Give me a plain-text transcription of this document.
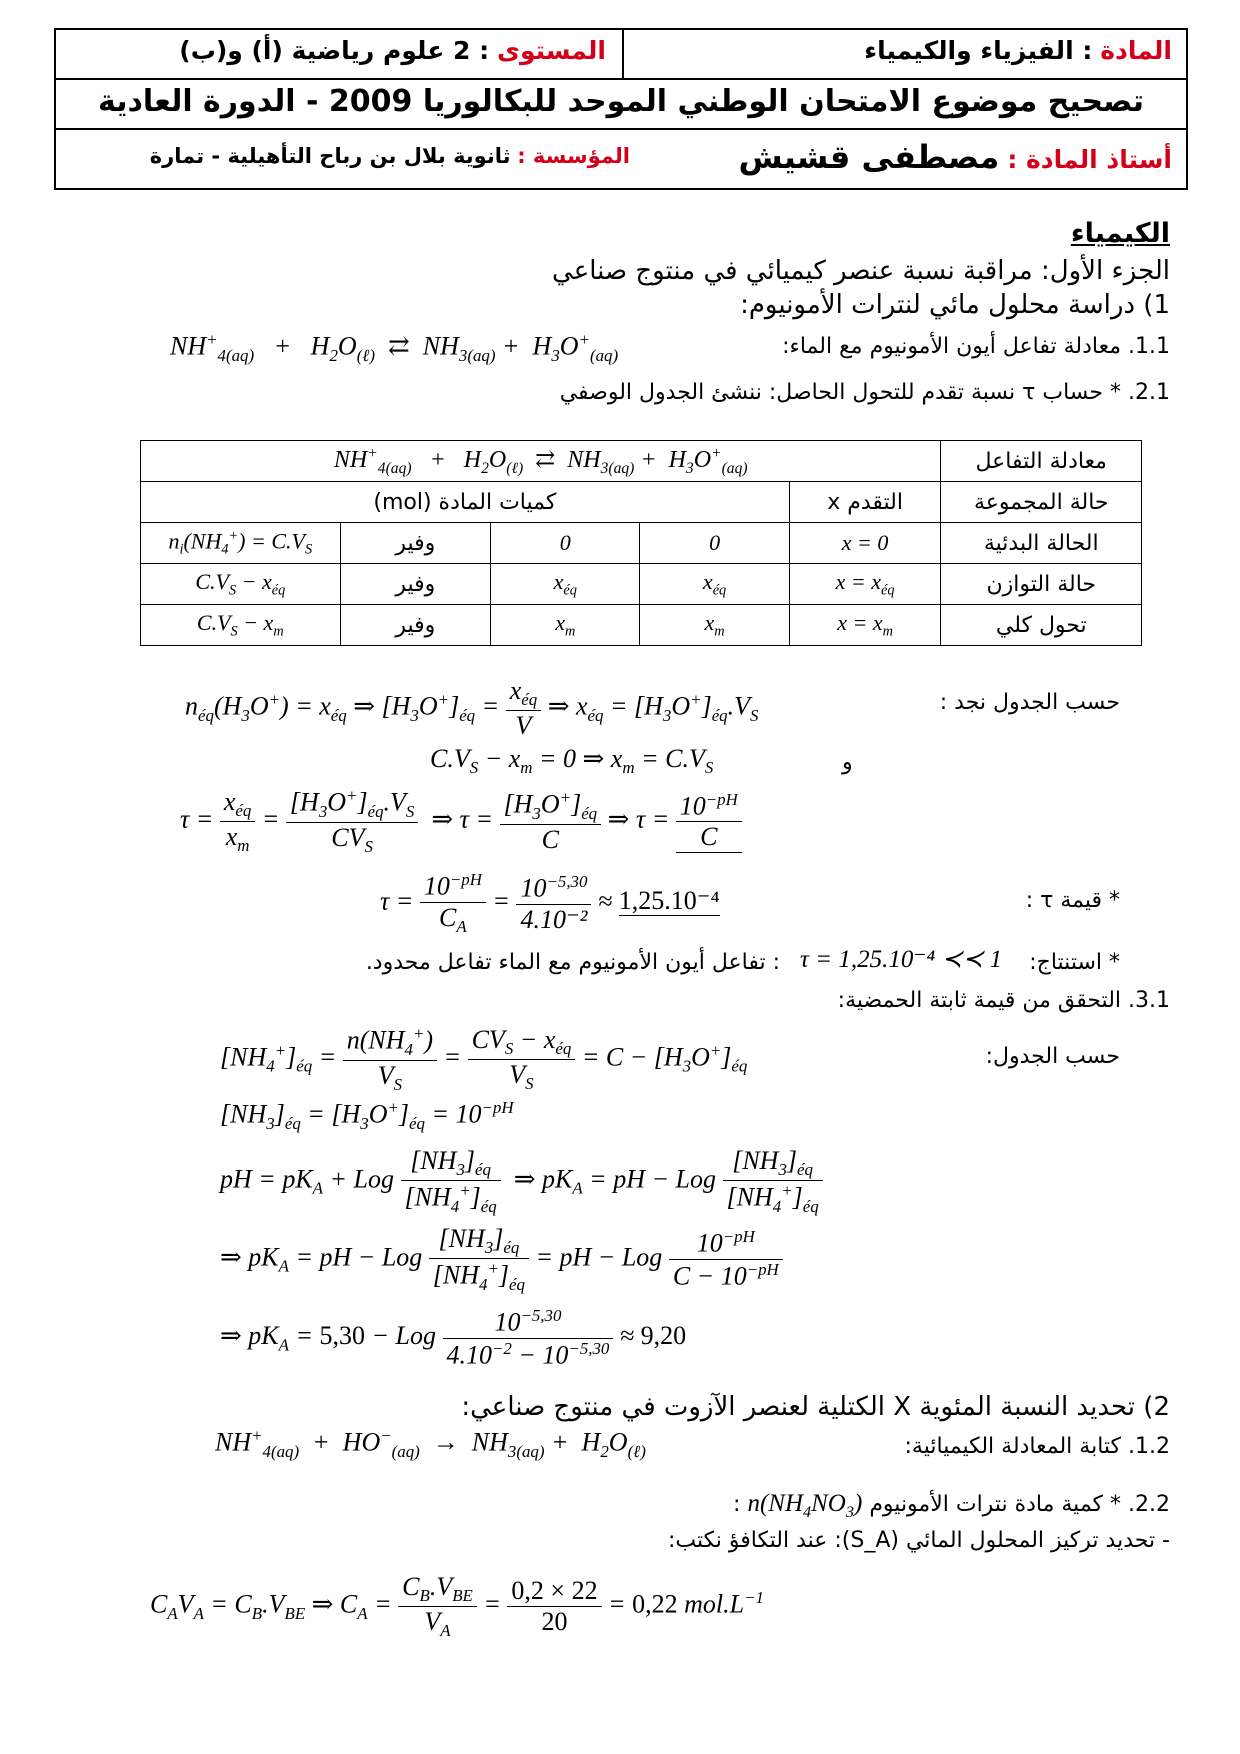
المادة : الفيزياء والكيمياء
المستوى : 2 علوم رياضية (أ) و(ب)
تصحيح موضوع الامتحان الوطني الموحد للبكالوريا 2009 - الدورة العادية
أستاذ المادة : مصطفى قشيش
المؤسسة : ثانوية بلال بن رباح التأهيلية - تمارة
الكيمياء
الجزء الأول: مراقبة نسبة عنصر كيميائي في منتوج صناعي
1) دراسة محلول مائي لنترات الأمونيوم:
1.1. معادلة تفاعل أيون الأمونيوم مع الماء:
$NH^+_{4(aq)} + H_2O_{(\ell)}$  ⇄  $NH_{3(aq)} + H_3O^+_{(aq)}$
2.1. * حساب τ نسبة تقدم للتحول الحاصل: ننشئ الجدول الوصفي
$NH^+_{4(aq)} + H_2O_{(\ell)}$  ⇄  $NH_{3(aq)} + H_3O^+_{(aq)}$					معادلة التفاعل
كميات المادة (mol)				التقدم x	حالة المجموعة
$n_i(NH_4^+) = C.V_S$	وفير	0	0	x = 0	الحالة البدئية
$C.V_S - x_{éq}$	وفير	$x_{éq}$	$x_{éq}$	$x = x_{éq}$	حالة التوازن
$C.V_S - x_m$	وفير	$x_m$	$x_m$	$x = x_m$	تحول كلي
حسب الجدول نجد :
$n_{éq}(H_3O^+) = x_{éq}$ ⇒ $[H_3O^+]_{éq} = \frac{x_{éq}}{V}$ ⇒ $x_{éq} = [H_3O^+]_{éq}.V_S$
و
$C.V_S - x_m = 0$ ⇒ $x_m = C.V_S$
$\tau = \frac{x_{éq}}{x_m} = \frac{[H_3O^+]_{éq}.V_S}{CV_S}$ ⇒ $\tau = \frac{[H_3O^+]_{éq}}{C}$ ⇒ $\tau = \frac{10^{-pH}}{C}$
* قيمة τ :
$\tau = \frac{10^{-pH}}{C_A} = \frac{10^{-5,30}}{\text{4.10⁻²}} \approx 1,25.10^{-4}$
* استنتاج:
τ = 1,25.10⁻⁴ ≺≺ 1
: تفاعل أيون الأمونيوم مع الماء تفاعل محدود.
3.1. التحقق من قيمة ثابتة الحمضية:
حسب الجدول:
$[NH_4^+]_{éq} = \frac{n(NH_4^+)}{V_S} = \frac{CV_S - x_{éq}}{V_S} = C - [H_3O^+]_{éq}$
$[NH_3]_{éq} = [H_3O^+]_{éq} = 10^{-pH}$
pH = $pK_A$ + Log $\frac{[NH_3]_{éq}}{[NH_4^+]_{éq}}$ ⇒ $pK_A$ = pH − Log $\frac{[NH_3]_{éq}}{[NH_4^+]_{éq}}$
⇒ $pK_A$ = pH − Log $\frac{[NH_3]_{éq}}{[NH_4^+]_{éq}}$ = pH − Log $\frac{10^{-pH}}{C - 10^{-pH}}$
⇒ $pK_A = 5,30$ − Log $\frac{10^{-5,30}}{4.10^{-2} - 10^{-5,30}} \approx 9,20$
2) تحديد النسبة المئوية X الكتلية لعنصر الآزوت في منتوج صناعي:
1.2. كتابة المعادلة الكيميائية:
$NH^+_{4(aq)} + HO^-_{(aq)} \to NH_{3(aq)} + H_2O_{(\ell)}$
2.2. * كمية مادة نترات الأمونيوم $n(NH_4NO_3)$ :
- تحديد تركيز المحلول المائي (S_A): عند التكافؤ نكتب:
$C_AV_A = C_B.V_{BE}$ ⇒ $C_A = \frac{C_B.V_{BE}}{V_A} = \frac{0,2 \times 22}{20} = 0,22$ $mol.L^{-1}$
